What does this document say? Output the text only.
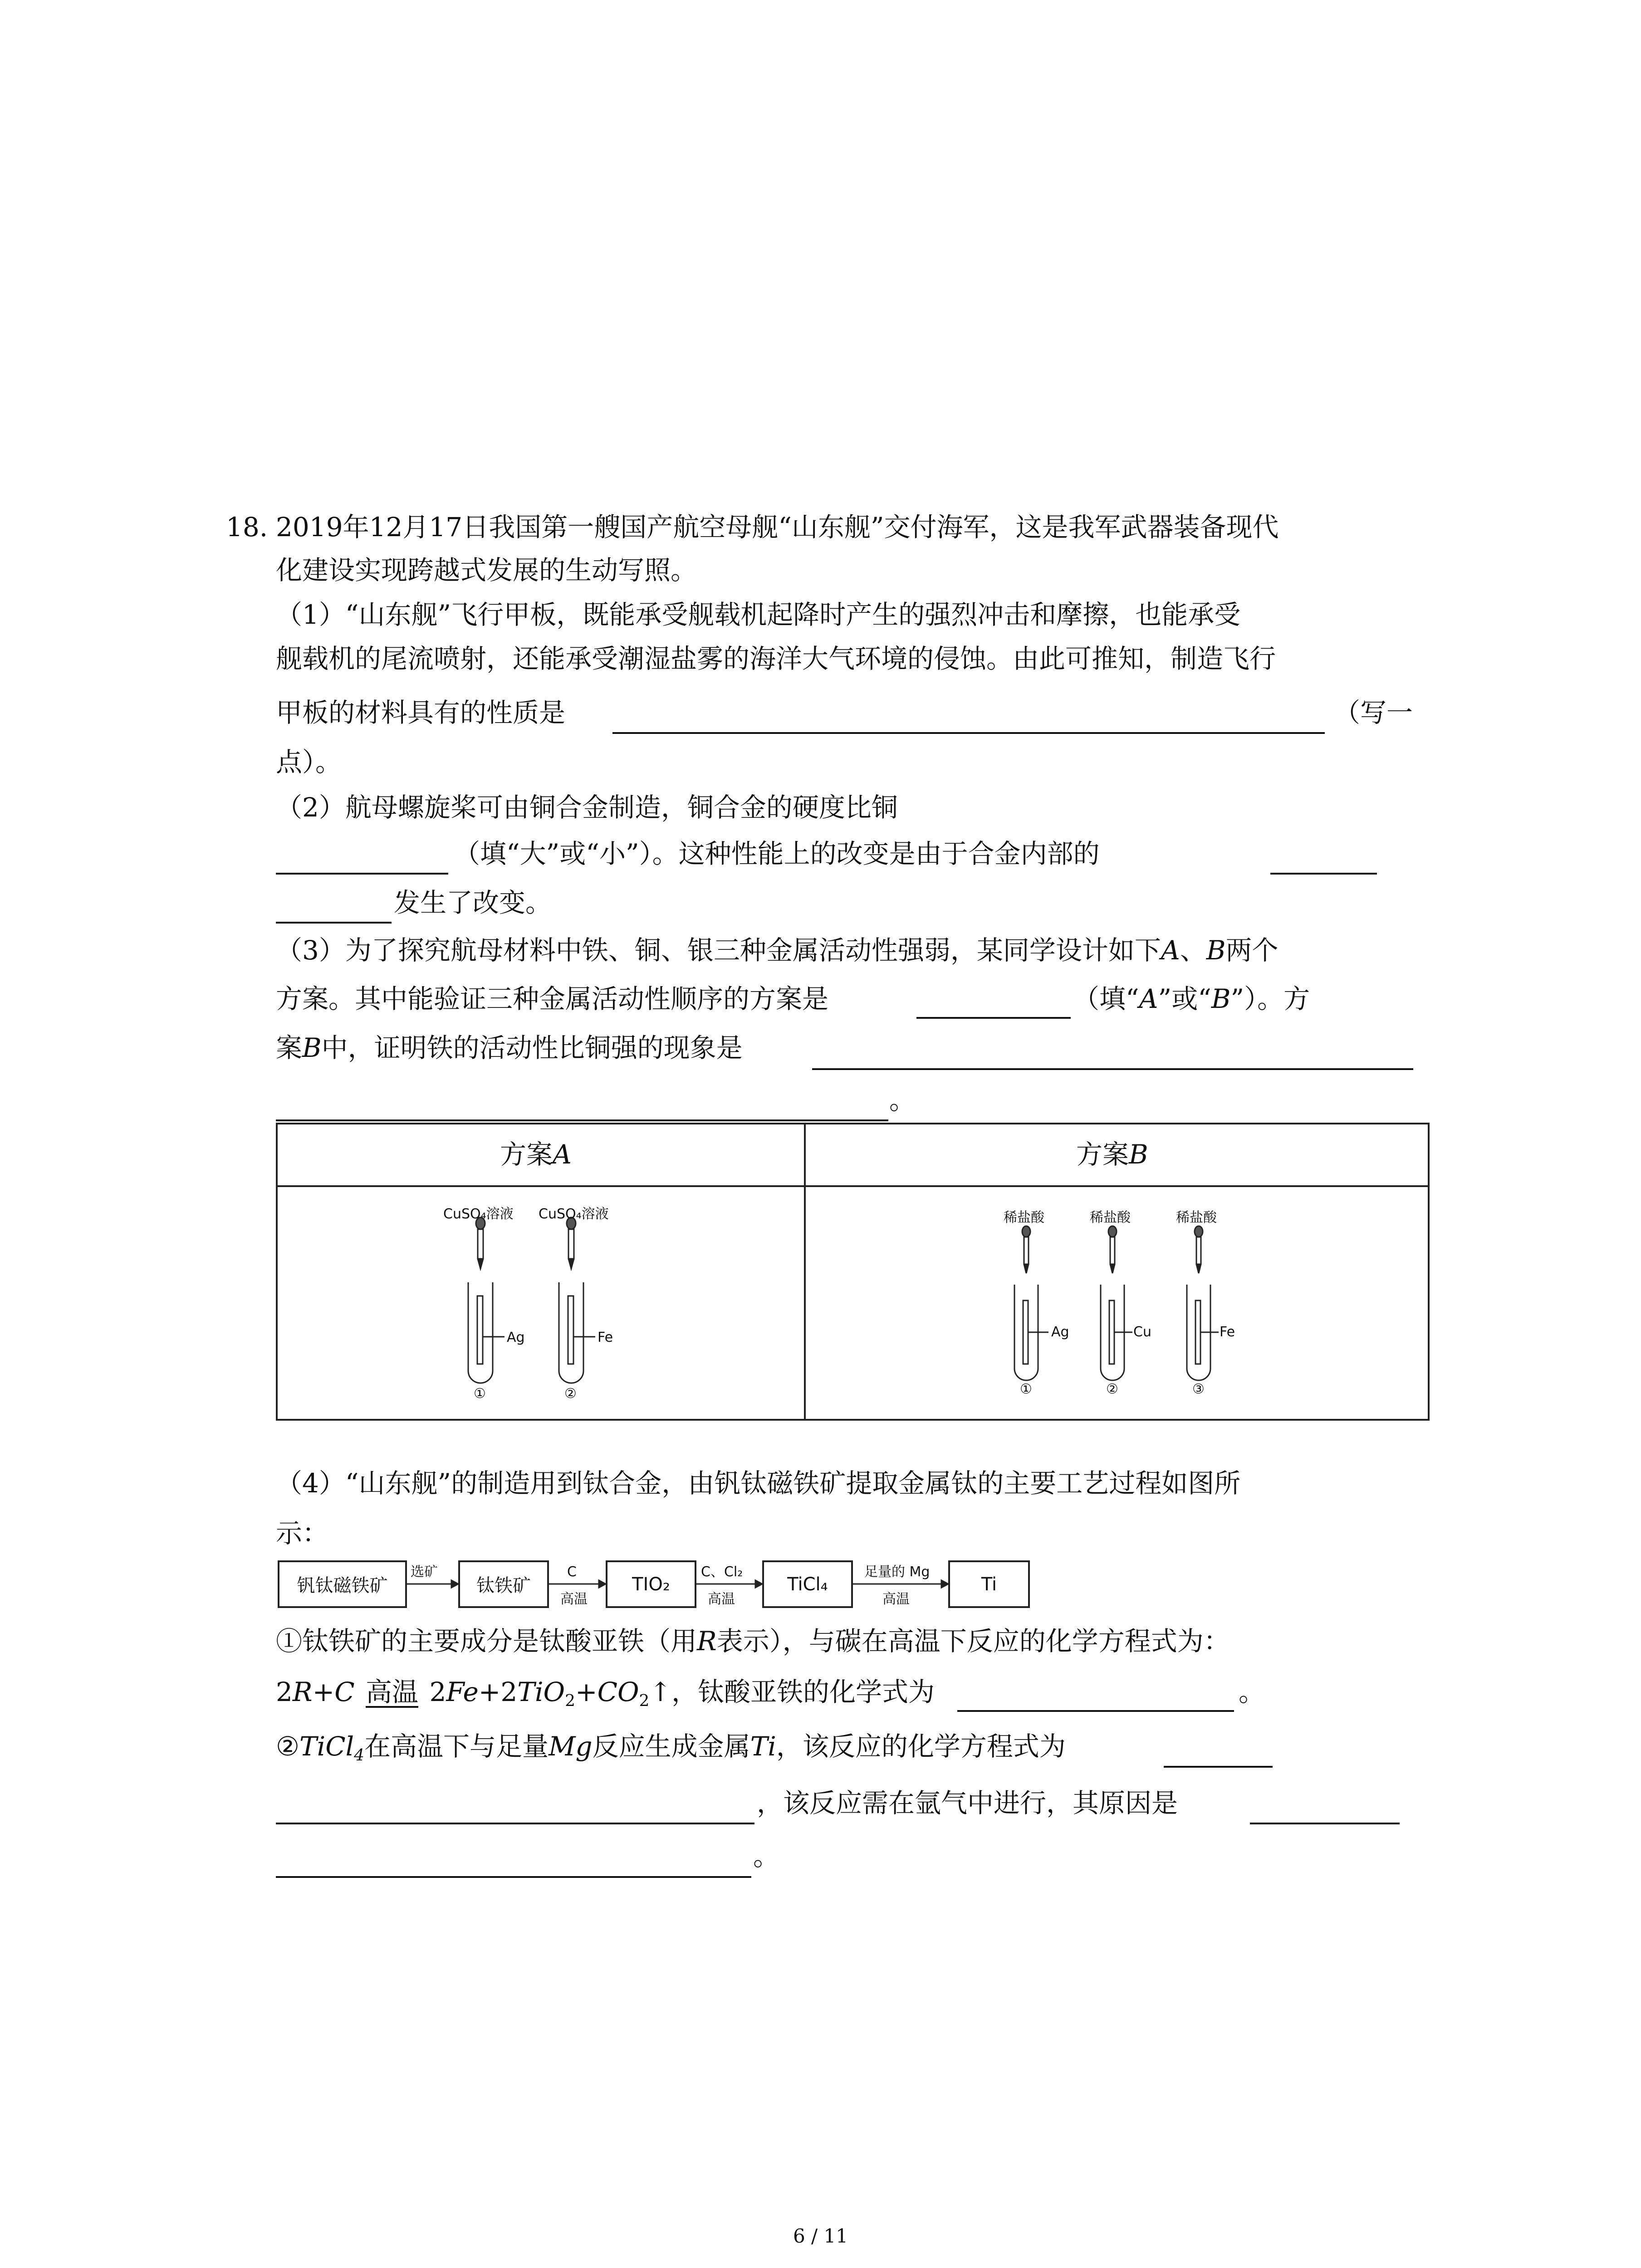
18. 2019年12月17日我国第一艘国产航空母舰“山东舰”交付海军，这是我军武器装备现代
化建设实现跨越式发展的生动写照。
（1）“山东舰”飞行甲板，既能承受舰载机起降时产生的强烈冲击和摩擦，也能承受
舰载机的尾流喷射，还能承受潮湿盐雾的海洋大气环境的侵蚀。由此可推知，制造飞行
甲板的材料具有的性质是	（写一
点）。
（2）航母螺旋桨可由铜合金制造，铜合金的硬度比铜
（填“大”或“小”）。这种性能上的改变是由于合金内部的
发生了改变。
（3）为了探究航母材料中铁、铜、银三种金属活动性强弱，某同学设计如下A、B两个
方案。其中能验证三种金属活动性顺序的方案是	（填“A”或“B”）。方
案B中，证明铁的活动性比铜强的现象是
。
方案A	方案B
CuSO₄溶液 CuSO₄溶液
Ag	Fe
①	②
稀盐酸	稀盐酸	稀盐酸
Ag	Cu	Fe
①	②	③
（4）“山东舰”的制造用到钛合金，由钒钛磁铁矿提取金属钛的主要工艺过程如图所
示：
钒钛磁铁矿	钛铁矿	TIO₂	TiCl₄	Ti
选矿	C
高温
C、Cl₂
高温
足量的 Mg
高温
①钛铁矿的主要成分是钛酸亚铁（用R表示），与碳在高温下反应的化学方程式为：
2R+C 高温 $2Fe+2TiO_2+CO_2↑$，钛酸亚铁的化学式为	。
②TiCl$_4$在高温下与足量Mg反应生成金属Ti，该反应的化学方程式为
，该反应需在氩气中进行，其原因是
。
6 / 11
